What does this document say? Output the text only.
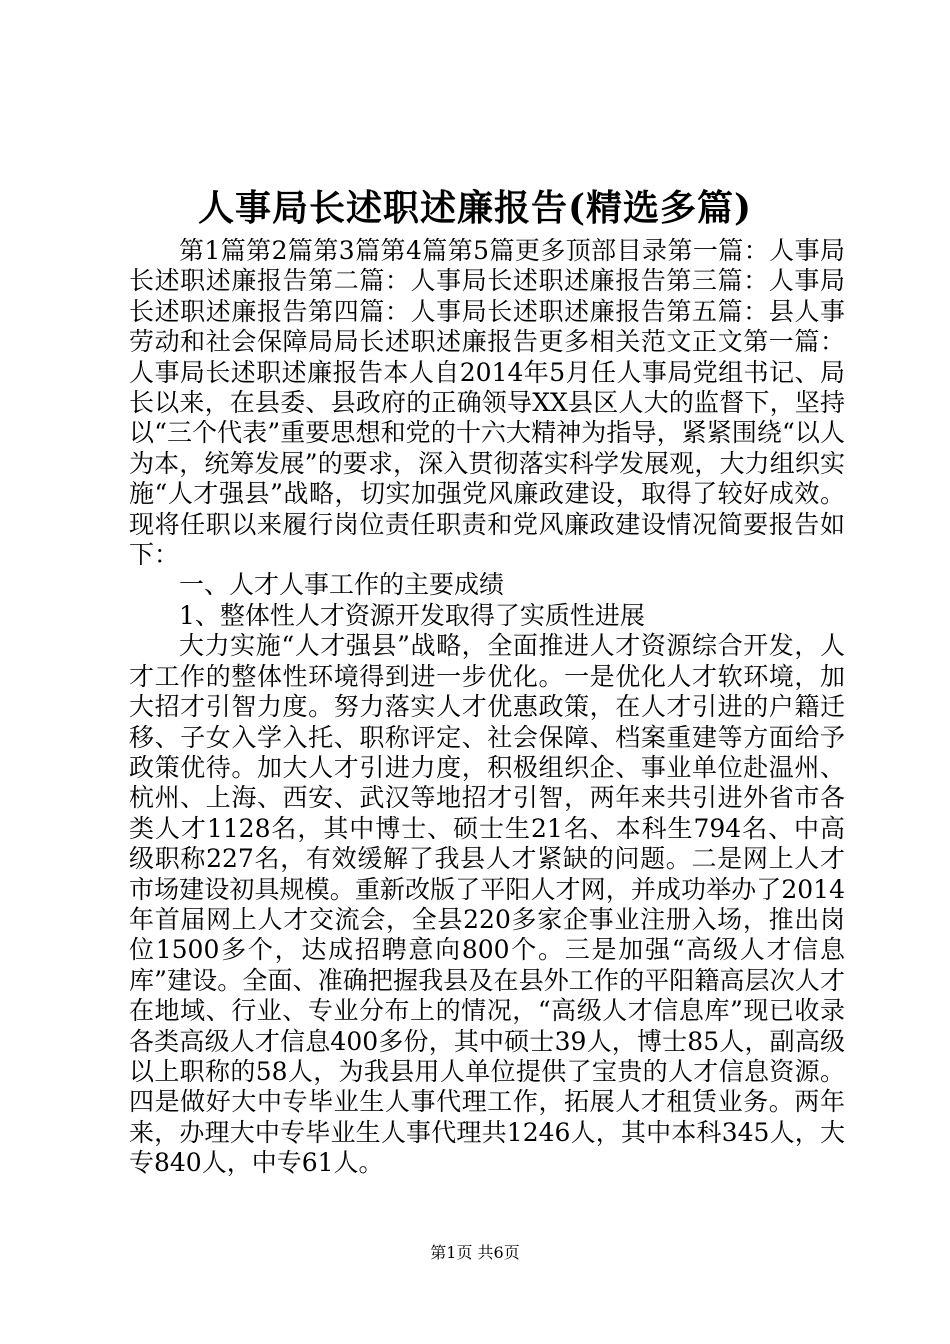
人事局长述职述廉报告(精选多篇)

第1篇第2篇第3篇第4篇第5篇更多顶部目录第一篇：人事局长述职述廉报告第二篇：人事局长述职述廉报告第三篇：人事局长述职述廉报告第四篇：人事局长述职述廉报告第五篇：县人事劳动和社会保障局局长述职述廉报告更多相关范文正文第一篇：人事局长述职述廉报告本人自2014年5月任人事局党组书记、局长以来，在县委、县政府的正确领导XX县区人大的监督下，坚持以“三个代表”重要思想和党的十六大精神为指导，紧紧围绕“以人为本，统筹发展”的要求，深入贯彻落实科学发展观，大力组织实施“人才强县”战略，切实加强党风廉政建设，取得了较好成效。现将任职以来履行岗位责任职责和党风廉政建设情况简要报告如下：

一、人才人事工作的主要成绩

1、整体性人才资源开发取得了实质性进展

大力实施“人才强县”战略，全面推进人才资源综合开发，人才工作的整体性环境得到进一步优化。一是优化人才软环境，加大招才引智力度。努力落实人才优惠政策，在人才引进的户籍迁移、子女入学入托、职称评定、社会保障、档案重建等方面给予政策优待。加大人才引进力度，积极组织企、事业单位赴温州、杭州、上海、西安、武汉等地招才引智，两年来共引进外省市各类人才1128名，其中博士、硕士生21名、本科生794名、中高级职称227名，有效缓解了我县人才紧缺的问题。二是网上人才市场建设初具规模。重新改版了平阳人才网，并成功举办了2014年首届网上人才交流会，全县220多家企事业注册入场，推出岗位1500多个，达成招聘意向800个。三是加强“高级人才信息库”建设。全面、准确把握我县及在县外工作的平阳籍高层次人才在地域、行业、专业分布上的情况，“高级人才信息库”现已收录各类高级人才信息400多份，其中硕士39人，博士85人，副高级以上职称的58人，为我县用人单位提供了宝贵的人才信息资源。四是做好大中专毕业生人事代理工作，拓展人才租赁业务。两年来，办理大中专毕业生人事代理共1246人，其中本科345人，大专840人，中专61人。

第1页 共6页
